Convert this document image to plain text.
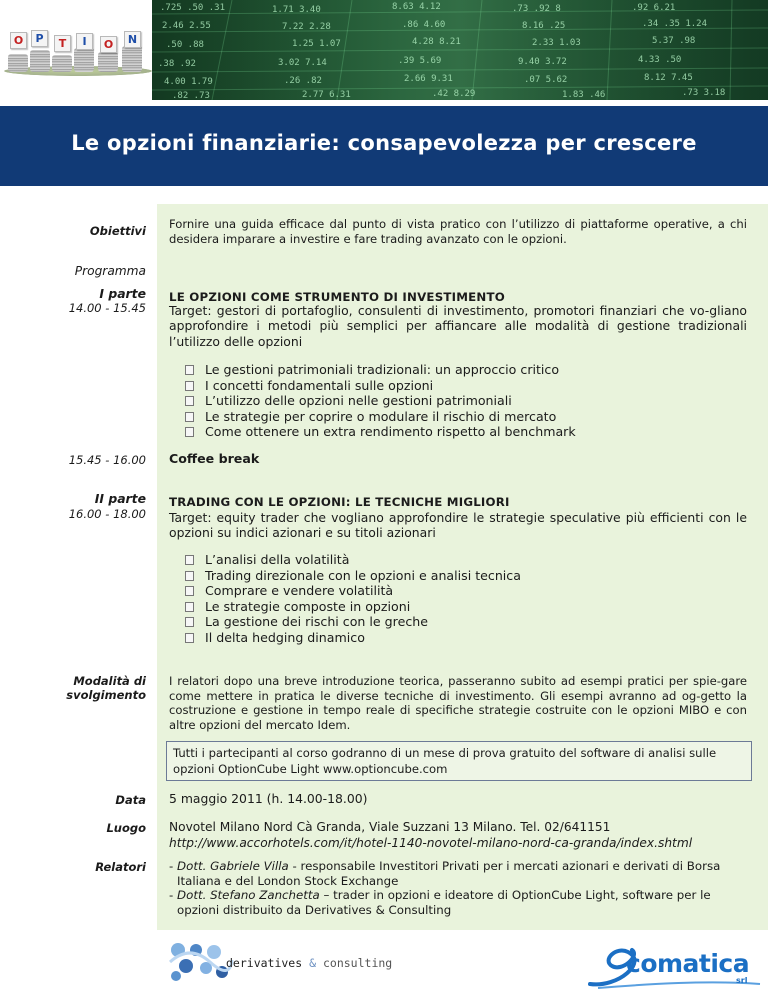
O	P	T	I	O	N
.725 .50 .31	1.71 3.40	8.63 4.12	.73 .92 8	.92 6.21
2.46 2.55	7.22 2.28	.86 4.60	8.16 .25	.34 .35 1.24
.50 .88	1.25 1.07	4.28 8.21	2.33 1.03	5.37 .98
.38 .92	3.02 7.14	.39 5.69	9.40 3.72	4.33 .50
4.00 1.79	.26 .82	2.66 9.31	.07 5.62	8.12 7.45
.82 .73	2.77 6.31	.42 8.29	1.83 .46	.73 3.18
Le opzioni finanziarie: consapevolezza per crescere
Obiettivi Fornire una guida efficace dal punto di vista pratico con l’utilizzo di piattaforme operative, a chi desidera imparare a investire e fare trading avanzato con le opzioni.
Programma
I parte
14.00 - 15.45
LE OPZIONI COME STRUMENTO DI INVESTIMENTO
Target: gestori di portafoglio, consulenti di investimento, promotori finanziari che vo-gliano approfondire i metodi più semplici per affiancare alle modalità di gestione tradizionali l’utilizzo delle opzioni
Le gestioni patrimoniali tradizionali: un approccio critico
I concetti fondamentali sulle opzioni
L’utilizzo delle opzioni nelle gestioni patrimoniali
Le strategie per coprire o modulare il rischio di mercato
Come ottenere un extra rendimento rispetto al benchmark
15.45 - 16.00 Coffee break
II parte
16.00 - 18.00
TRADING CON LE OPZIONI: LE TECNICHE MIGLIORI
Target: equity trader che vogliano approfondire le strategie speculative più efficienti con le opzioni su indici azionari e su titoli azionari
L’analisi della volatilità
Trading direzionale con le opzioni e analisi tecnica
Comprare e vendere volatilità
Le strategie composte in opzioni
La gestione dei rischi con le greche
Il delta hedging dinamico
Modalità di
svolgimento
I relatori dopo una breve introduzione teorica, passeranno subito ad esempi pratici per spie-gare come mettere in pratica le diverse tecniche di investimento. Gli esempi avranno ad og-getto la costruzione e gestione in tempo reale di specifiche strategie costruite con le opzioni MIBO e con altre opzioni del mercato Idem.
Tutti i partecipanti al corso godranno di un mese di prova gratuito del software di analisi sulle opzioni OptionCube Light www.optioncube.com
Data 5 maggio 2011 (h. 14.00-18.00)
Luogo Novotel Milano Nord Cà Granda, Viale Suzzani 13 Milano. Tel. 02/641151
http://www.accorhotels.com/it/hotel-1140-novotel-milano-nord-ca-granda/index.shtml
Relatori - Dott. Gabriele Villa - responsabile Investitori Privati per i mercati azionari e derivati di Borsa Italiana e del London Stock Exchange
- Dott. Stefano Zanchetta – trader in opzioni e ideatore di OptionCube Light, software per le opzioni distribuito da Derivatives & Consulting
derivatives & consulting	comatica
srl
